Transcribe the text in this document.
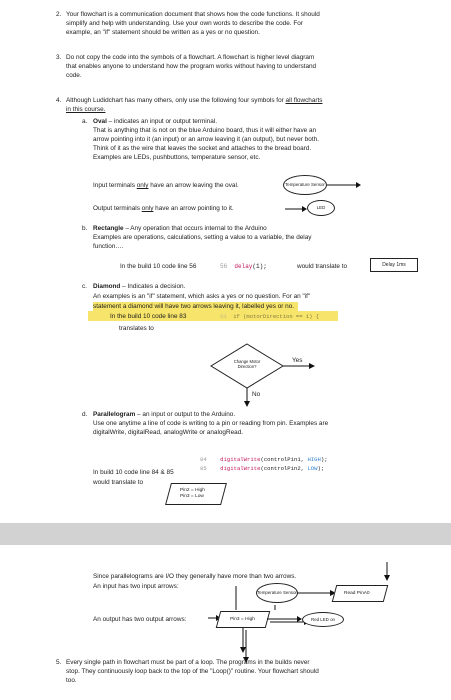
2. Your flowchart is a communication document that shows how the code functions. It should
simplify and help with understanding. Use your own words to describe the code. For
example, an "if" statement should be written as a yes or no question.
3. Do not copy the code into the symbols of a flowchart. A flowchart is higher level diagram
that enables anyone to understand how the program works without having to understand
code.
4. Although Ludidchart has many others, only use the following four symbols for all flowcharts
in this course.
a. Oval – indicates an input or output terminal.
That is anything that is not on the blue Arduino board, thus it will either have an
arrow pointing into it (an input) or an arrow leaving it (an output), but never both.
Think of it as the wire that leaves the socket and attaches to the bread board.
Examples are LEDs, pushbuttons, temperature sensor, etc.
Input terminals only have an arrow leaving the oval.	Temperature Sensor
Output terminals only have an arrow pointing to it.	LED
b. Rectangle – Any operation that occurs internal to the Arduino
Examples are operations, calculations, setting a value to a variable, the delay
function….
In the build 10 code line 56	56 delay(1);	would translate to	Delay 1ms
c. Diamond – Indicates a decision.
An examples is an "if" statement, which asks a yes or no question. For an "if"
statement a diamond will have two arrows leaving it, labelled yes or no.
In the build 10 code line 83	83 if (motorDirection == 1) {
translates to
Change Motor Direction?
Yes
No
d. Parallelogram – an input or output to the Arduino.
Use one anytime a line of code is writing to a pin or reading from pin. Examples are
digitalWrite, digitalRead, analogWrite or analogRead.
84 digitalWrite(controlPin1, HIGH);
85 digitalWrite(controlPin2, LOW);
In build 10 code line 84 & 85
would translate to
Pin2 = High
Pin3 = Low
Since parallelograms are I/O they generally have more than two arrows.
An input has two input arrows:
Temperature Sensor	Read PinA0
An output has two output arrows:	Pin3 = High	Red LED on
5. Every single path in flowchart must be part of a loop. The programs in the builds never
stop. They continuously loop back to the top of the "Loop()" routine. Your flowchart should
too.
